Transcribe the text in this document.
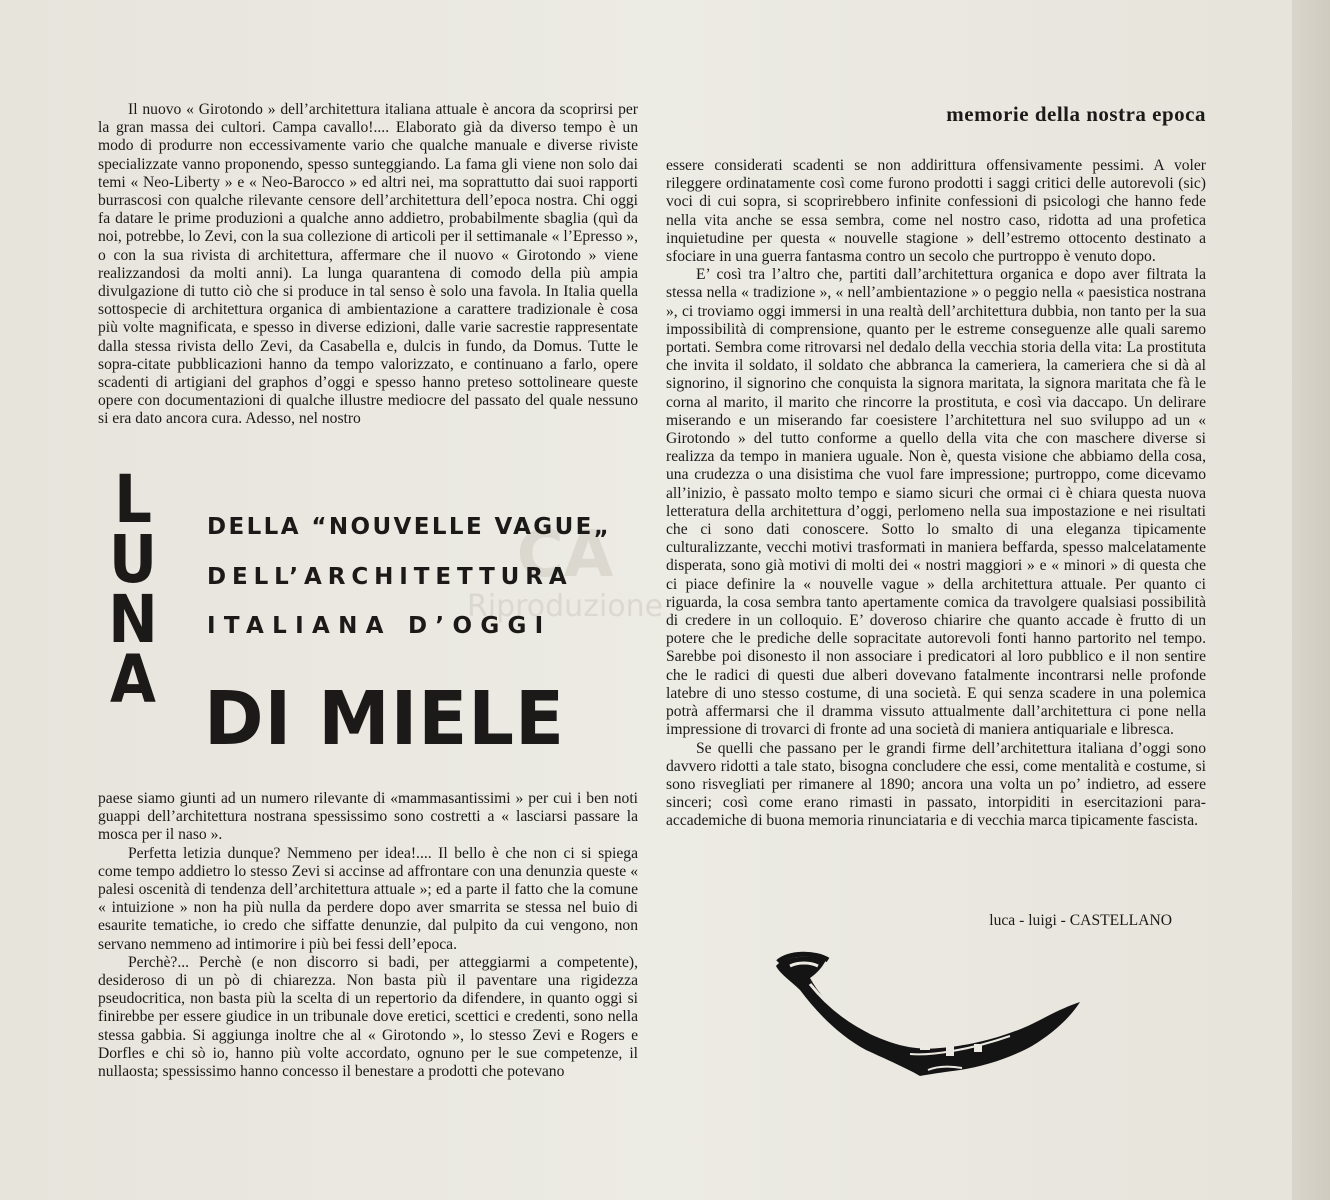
CA
Riproduzione

Il nuovo « Girotondo » dell’architettura italiana attuale è ancora da scoprirsi per la gran massa dei cultori. Campa cavallo!.... Elaborato già da diverso tempo è un modo di produrre non eccessivamente vario che qualche manuale e diverse riviste specializzate vanno proponendo, spesso sunteggiando. La fama gli viene non solo dai temi « Neo-Liberty » e « Neo-Barocco » ed altri nei, ma soprattutto dai suoi rapporti burrascosi con qualche rilevante censore dell’architettura dell’epoca nostra. Chi oggi fa datare le prime produzioni a qualche anno addietro, probabilmente sbaglia (quì da noi, potrebbe, lo Zevi, con la sua collezione di articoli per il settimanale « l’Epresso », o con la sua rivista di architettura, affermare che il nuovo « Girotondo » viene realizzandosi da molti anni). La lunga quarantena di comodo della più ampia divulgazione di tutto ciò che si produce in tal senso è solo una favola. In Italia quella sottospecie di architettura organica di ambientazione a carattere tradizionale è cosa più volte magnificata, e spesso in diverse edizioni, dalle varie sacrestie rappresentate dalla stessa rivista dello Zevi, da Casabella e, dulcis in fundo, da Domus. Tutte le sopra-citate pubblicazioni hanno da tempo valorizzato, e continuano a farlo, opere scadenti di artigiani del graphos d’oggi e spesso hanno preteso sottolineare queste opere con documentazioni di qualche illustre mediocre del passato del quale nessuno si era dato ancora cura. Adesso, nel nostro

L
U
N
A
DELLA “NOUVELLE VAGUE„
DELL’ARCHITETTURA
ITALIANA D’OGGI
DI MIELE

paese siamo giunti ad un numero rilevante di «mammasantissimi » per cui i ben noti guappi dell’architettura nostrana spessissimo sono costretti a « lasciarsi passare la mosca per il naso ».

Perfetta letizia dunque? Nemmeno per idea!.... Il bello è che non ci si spiega come tempo addietro lo stesso Zevi si accinse ad affrontare con una denunzia queste « palesi oscenità di tendenza dell’architettura attuale »; ed a parte il fatto che la comune « intuizione » non ha più nulla da perdere dopo aver smarrita se stessa nel buio di esaurite tematiche, io credo che siffatte denunzie, dal pulpito da cui vengono, non servano nemmeno ad intimorire i più bei fessi dell’epoca.

Perchè?... Perchè (e non discorro si badi, per atteggiarmi a competente), desideroso di un pò di chiarezza. Non basta più il paventare una rigidezza pseudocritica, non basta più la scelta di un repertorio da difendere, in quanto oggi si finirebbe per essere giudice in un tribunale dove eretici, scettici e credenti, sono nella stessa gabbia. Si aggiunga inoltre che al « Girotondo », lo stesso Zevi e Rogers e Dorfles e chi sò io, hanno più volte accordato, ognuno per le sue competenze, il nullaosta; spessissimo hanno concesso il benestare a prodotti che potevano

memorie della nostra epoca

essere considerati scadenti se non addirittura offensivamente pessimi. A voler rileggere ordinatamente così come furono prodotti i saggi critici delle autorevoli (sic) voci di cui sopra, si scoprirebbero infinite confessioni di psicologi che hanno fede nella vita anche se essa sembra, come nel nostro caso, ridotta ad una profetica inquietudine per questa « nouvelle stagione » dell’estremo ottocento destinato a sfociare in una guerra fantasma contro un secolo che purtroppo è venuto dopo.

E’ così tra l’altro che, partiti dall’architettura organica e dopo aver filtrata la stessa nella « tradizione », « nell’ambientazione » o peggio nella « paesistica nostrana », ci troviamo oggi immersi in una realtà dell’architettura dubbia, non tanto per la sua impossibilità di comprensione, quanto per le estreme conseguenze alle quali saremo portati. Sembra come ritrovarsi nel dedalo della vecchia storia della vita: La prostituta che invita il soldato, il soldato che abbranca la cameriera, la cameriera che si dà al signorino, il signorino che conquista la signora maritata, la signora maritata che fà le corna al marito, il marito che rincorre la prostituta, e così via daccapo. Un delirare miserando e un miserando far coesistere l’architettura nel suo sviluppo ad un « Girotondo » del tutto conforme a quello della vita che con maschere diverse si realizza da tempo in maniera uguale. Non è, questa visione che abbiamo della cosa, una crudezza o una disistima che vuol fare impressione; purtroppo, come dicevamo all’inizio, è passato molto tempo e siamo sicuri che ormai ci è chiara questa nuova letteratura della architettura d’oggi, perlomeno nella sua impostazione e nei risultati che ci sono dati conoscere. Sotto lo smalto di una eleganza tipicamente culturalizzante, vecchi motivi trasformati in maniera beffarda, spesso malcelatamente disperata, sono già motivi di molti dei « nostri maggiori » e « minori » di questa che ci piace definire la « nouvelle vague » della architettura attuale. Per quanto ci riguarda, la cosa sembra tanto apertamente comica da travolgere qualsiasi possibilità di credere in un colloquio. E’ doveroso chiarire che quanto accade è frutto di un potere che le prediche delle sopracitate autorevoli fonti hanno partorito nel tempo. Sarebbe poi disonesto il non associare i predicatori al loro pubblico e il non sentire che le radici di questi due alberi dovevano fatalmente incontrarsi nelle profonde latebre di uno stesso costume, di una società. E qui senza scadere in una polemica potrà affermarsi che il dramma vissuto attualmente dall’architettura ci pone nella impressione di trovarci di fronte ad una società di maniera antiquariale e libresca.

Se quelli che passano per le grandi firme dell’architettura italiana d’oggi sono davvero ridotti a tale stato, bisogna concludere che essi, come mentalità e costume, si sono risvegliati per rimanere al 1890; ancora una volta un po’ indietro, ad essere sinceri; così come erano rimasti in passato, intorpiditi in esercitazioni para-accademiche di buona memoria rinunciataria e di vecchia marca tipicamente fascista.

luca - luigi - CASTELLANO
